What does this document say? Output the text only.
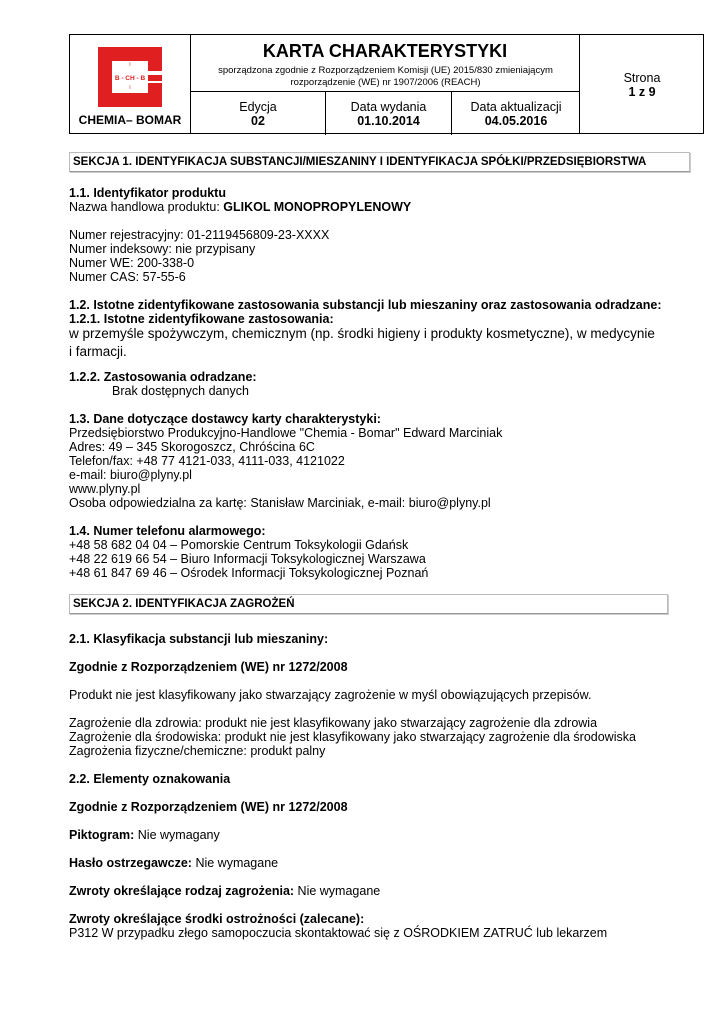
B
I
B - CH - B
I
B
CHEMIA– BOMAR
KARTA CHARAKTERYSTYKI
sporządzona zgodnie z Rozporządzeniem Komisji (UE) 2015/830 zmieniającym
rozporządzenie (WE) nr 1907/2006 (REACH)
Edycja
02
Data wydania
01.10.2014
Data aktualizacji
04.05.2016
Strona
1 z 9
SEKCJA 1. IDENTYFIKACJA SUBSTANCJI/MIESZANINY I IDENTYFIKACJA SPÓŁKI/PRZEDSIĘBIORSTWA
1.1. Identyfikator produktu
Nazwa handlowa produktu: GLIKOL MONOPROPYLENOWY
Numer rejestracyjny: 01-2119456809-23-XXXX
Numer indeksowy: nie przypisany
Numer WE: 200-338-0
Numer CAS: 57-55-6
1.2. Istotne zidentyfikowane zastosowania substancji lub mieszaniny oraz zastosowania odradzane:
1.2.1. Istotne zidentyfikowane zastosowania:
w przemyśle spożywczym, chemicznym (np. środki higieny i produkty kosmetyczne), w medycynie i farmacji.
1.2.2. Zastosowania odradzane:
Brak dostępnych danych
1.3. Dane dotyczące dostawcy karty charakterystyki:
Przedsiębiorstwo Produkcyjno-Handlowe "Chemia - Bomar" Edward Marciniak
Adres: 49 – 345 Skorogoszcz, Chróścina 6C
Telefon/fax: +48 77 4121-033, 4111-033, 4121022
e-mail: biuro@plyny.pl
www.plyny.pl
Osoba odpowiedzialna za kartę: Stanisław Marciniak, e-mail: biuro@plyny.pl
1.4. Numer telefonu alarmowego:
+48 58 682 04 04 – Pomorskie Centrum Toksykologii Gdańsk
+48 22 619 66 54 – Biuro Informacji Toksykologicznej Warszawa
+48 61 847 69 46 – Ośrodek Informacji Toksykologicznej Poznań
SEKCJA 2. IDENTYFIKACJA ZAGROŻEŃ
2.1. Klasyfikacja substancji lub mieszaniny:
Zgodnie z Rozporządzeniem (WE) nr 1272/2008
Produkt nie jest klasyfikowany jako stwarzający zagrożenie w myśl obowiązujących przepisów.
Zagrożenie dla zdrowia: produkt nie jest klasyfikowany jako stwarzający zagrożenie dla zdrowia
Zagrożenie dla środowiska: produkt nie jest klasyfikowany jako stwarzający zagrożenie dla środowiska
Zagrożenia fizyczne/chemiczne: produkt palny
2.2. Elementy oznakowania
Zgodnie z Rozporządzeniem (WE) nr 1272/2008
Piktogram: Nie wymagany
Hasło ostrzegawcze: Nie wymagane
Zwroty określające rodzaj zagrożenia: Nie wymagane
Zwroty określające środki ostrożności (zalecane):
P312 W przypadku złego samopoczucia skontaktować się z OŚRODKIEM ZATRUĆ lub lekarzem
